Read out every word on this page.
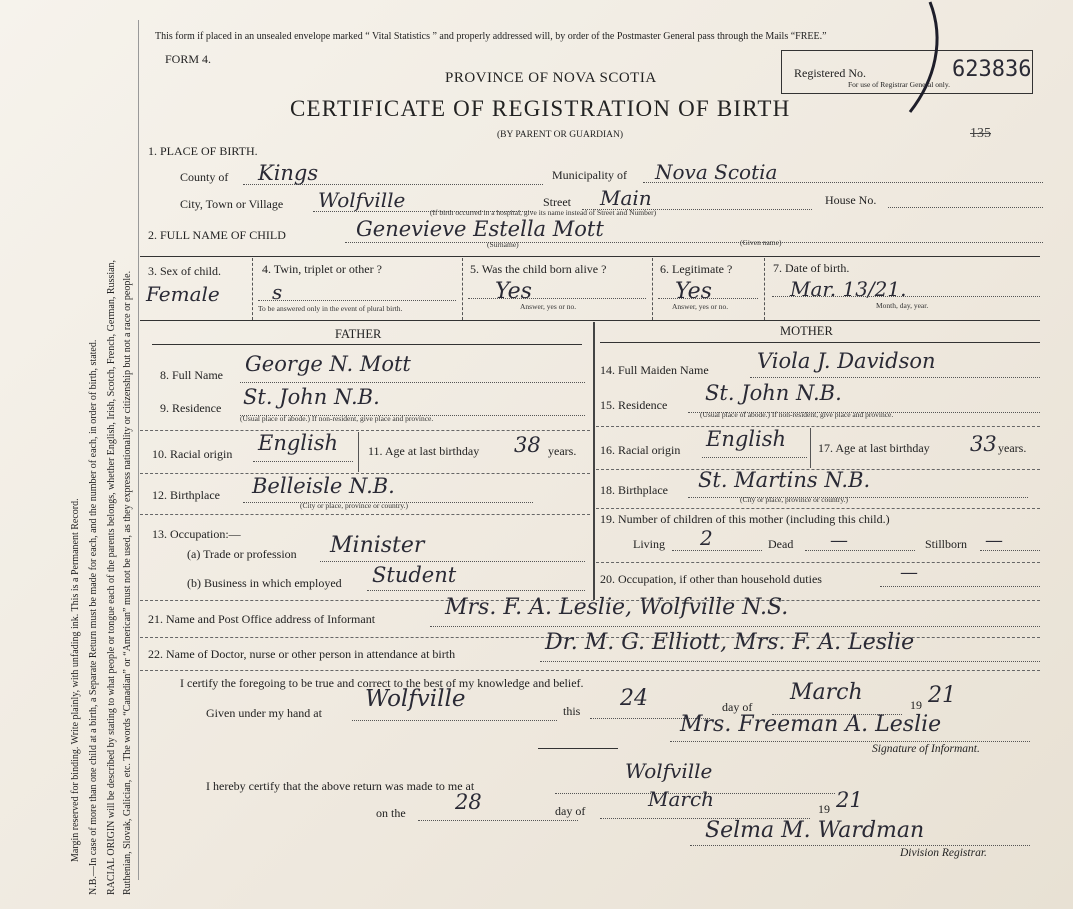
Margin reserved for binding. Write plainly, with unfading ink. This is a Permanent Record. N.B.—In case of more than one child at a birth, a Separate Return must be made for each, and the number of each, in order of birth, stated. RACIAL ORIGIN will be described by stating to what people or tongue each of the parents belongs, whether English, Irish, Scotch, French, German, Russian, Ruthenian, Slovak, Galician, etc. The words “Canadian” or “American” must not be used, as they express nationality or citizenship but not a race or people.
This form if placed in an unsealed envelope marked “ Vital Statistics ” and properly addressed will, by order of the Postmaster General pass through the Mails “FREE.”
FORM 4.
PROVINCE OF NOVA SCOTIA
CERTIFICATE OF REGISTRATION OF BIRTH
(BY PARENT OR GUARDIAN)
Registered No.
For use of Registrar General only.
623836
135
1. PLACE OF BIRTH.
County of Kings	Municipality of Nova Scotia
City, Town or Village Wolfville	Street Main	House No.
(If birth occurred in a hospital, give its name instead of Street and Number)
2. FULL NAME OF CHILD	Genevieve Estella Mott
(Surname)	(Given name)
3. Sex of child.
Female
4. Twin, triplet or other ?
s
To be answered only in the event of plural birth.
5. Was the child born alive ?
Yes
Answer, yes or no.
6. Legitimate ?
Yes
Answer, yes or no.
7. Date of birth.
Mar. 13/21.
Month, day, year.
FATHER	MOTHER
8. Full Name George N. Mott
9. Residence St. John N.B.
(Usual place of abode.) If non-resident, give place and province.
10. Racial origin English 11. Age at last birthday 38 years.
12. Birthplace Belleisle N.B.
(City or place, province or country.)
13. Occupation:—
(a) Trade or profession Minister
(b) Business in which employed Student
14. Full Maiden Name Viola J. Davidson
15. Residence St. John N.B.
(Usual place of abode.) If non-resident, give place and province.
16. Racial origin English	17. Age at last birthday 33 years.
18. Birthplace St. Martins N.B.
(City or place, province or country.)
19. Number of children of this mother (including this child.)
Living 2	Dead —	Stillborn —
20. Occupation, if other than household duties	—
21. Name and Post Office address of Informant	Mrs. F. A. Leslie, Wolfville N.S.
22. Name of Doctor, nurse or other person in attendance at birth	Dr. M. G. Elliott, Mrs. F. A. Leslie
I certify the foregoing to be true and correct to the best of my knowledge and belief.
Given under my hand at
Wolfville	this 24	day of
March	19 21
Mrs. Freeman A. Leslie
Signature of Informant.
I hereby certify that the above return was made to me at
Wolfville
on the 28	day of	March	19 21
Selma M. Wardman
Division Registrar.
